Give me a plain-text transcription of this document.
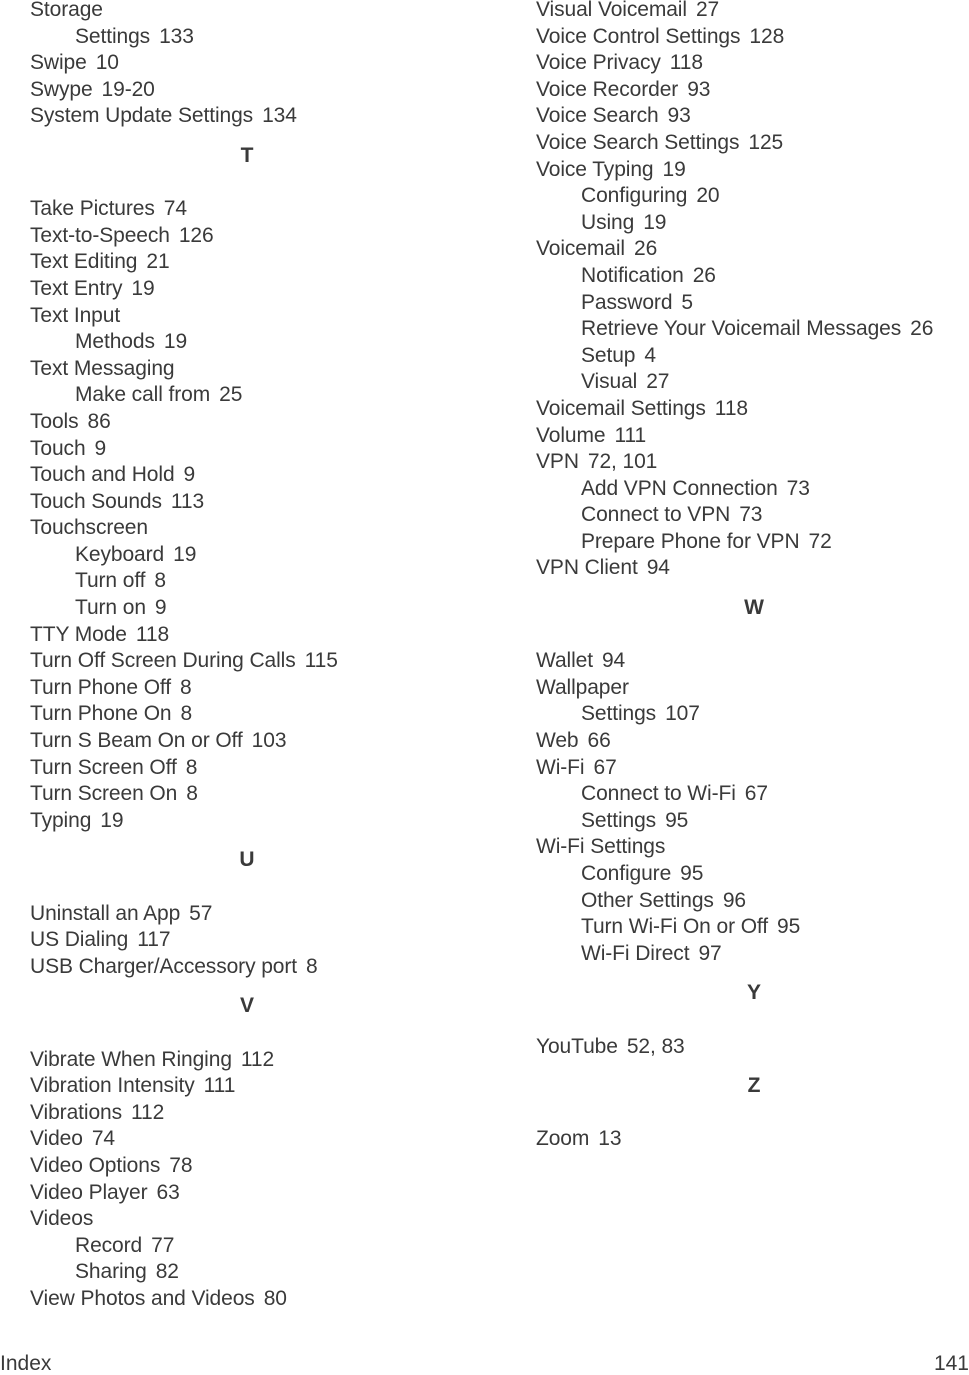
Storage
Settings 133
Swipe 10
Swype 19-20
System Update Settings 134
T
Take Pictures 74
Text-to-Speech 126
Text Editing 21
Text Entry 19
Text Input
Methods 19
Text Messaging
Make call from 25
Tools 86
Touch 9
Touch and Hold 9
Touch Sounds 113
Touchscreen
Keyboard 19
Turn off 8
Turn on 9
TTY Mode 118
Turn Off Screen During Calls 115
Turn Phone Off 8
Turn Phone On 8
Turn S Beam On or Off 103
Turn Screen Off 8
Turn Screen On 8
Typing 19
U
Uninstall an App 57
US Dialing 117
USB Charger/Accessory port 8
V
Vibrate When Ringing 112
Vibration Intensity 111
Vibrations 112
Video 74
Video Options 78
Video Player 63
Videos
Record 77
Sharing 82
View Photos and Videos 80
Visual Voicemail 27
Voice Control Settings 128
Voice Privacy 118
Voice Recorder 93
Voice Search 93
Voice Search Settings 125
Voice Typing 19
Configuring 20
Using 19
Voicemail 26
Notification 26
Password 5
Retrieve Your Voicemail Messages 26
Setup 4
Visual 27
Voicemail Settings 118
Volume 111
VPN 72, 101
Add VPN Connection 73
Connect to VPN 73
Prepare Phone for VPN 72
VPN Client 94
W
Wallet 94
Wallpaper
Settings 107
Web 66
Wi-Fi 67
Connect to Wi-Fi 67
Settings 95
Wi-Fi Settings
Configure 95
Other Settings 96
Turn Wi-Fi On or Off 95
Wi-Fi Direct 97
Y
YouTube 52, 83
Z
Zoom 13
Index	141
